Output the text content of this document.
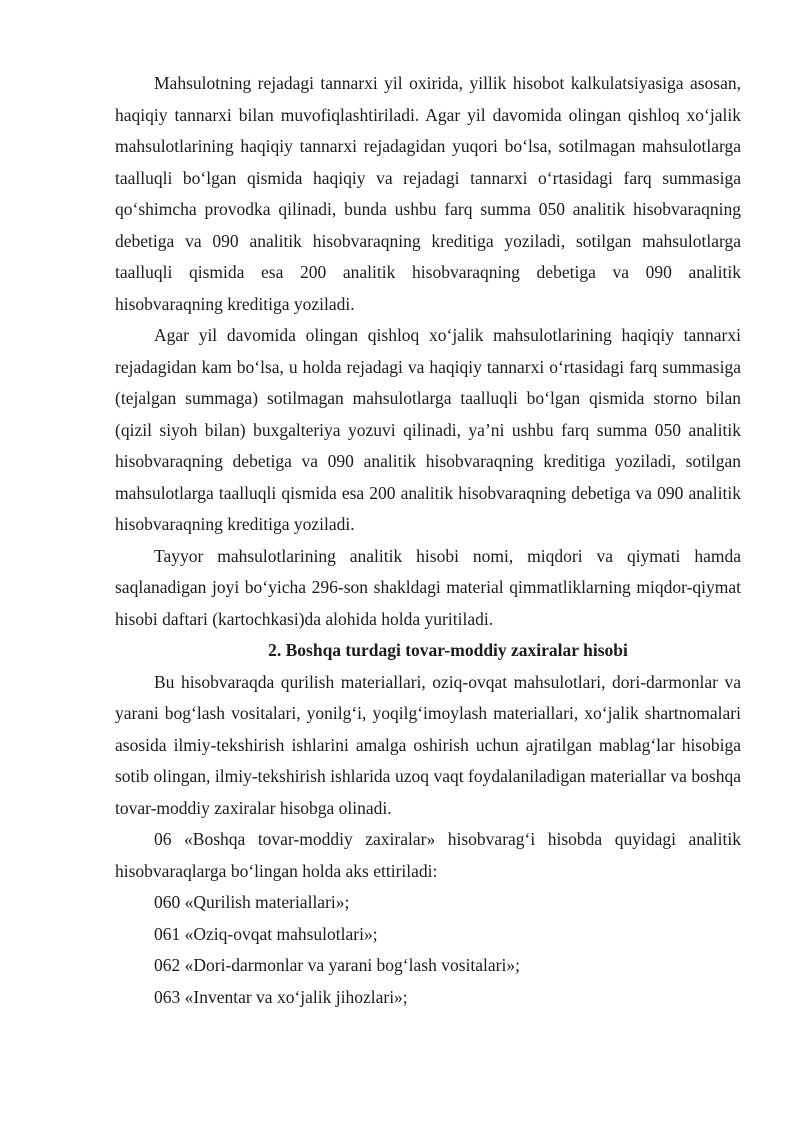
Mahsulotning rejadagi tannarxi yil oxirida, yillik hisobot kalkulatsiyasiga asosan, haqiqiy tannarxi bilan muvofiqlashtiriladi. Agar yil davomida olingan qishloq xo‘jalik mahsulotlarining haqiqiy tannarxi rejadagidan yuqori bo‘lsa, sotilmagan mahsulotlarga taalluqli bo‘lgan qismida haqiqiy va rejadagi tannarxi o‘rtasidagi farq summasiga qo‘shimcha provodka qilinadi, bunda ushbu farq summa 050 analitik hisobvaraqning debetiga va 090 analitik hisobvaraqning kreditiga yoziladi, sotilgan mahsulotlarga taalluqli qismida esa 200 analitik hisobvaraqning debetiga va 090 analitik hisobvaraqning kreditiga yoziladi.

Agar yil davomida olingan qishloq xo‘jalik mahsulotlarining haqiqiy tannarxi rejadagidan kam bo‘lsa, u holda rejadagi va haqiqiy tannarxi o‘rtasidagi farq summasiga (tejalgan summaga) sotilmagan mahsulotlarga taalluqli bo‘lgan qismida storno bilan (qizil siyoh bilan) buxgalteriya yozuvi qilinadi, ya’ni ushbu farq summa 050 analitik hisobvaraqning debetiga va 090 analitik hisobvaraqning kreditiga yoziladi, sotilgan mahsulotlarga taalluqli qismida esa 200 analitik hisobvaraqning debetiga va 090 analitik hisobvaraqning kreditiga yoziladi.

Tayyor mahsulotlarining analitik hisobi nomi, miqdori va qiymati hamda saqlanadigan joyi bo‘yicha 296-son shakldagi material qimmatliklarning miqdor-qiymat hisobi daftari (kartochkasi)da alohida holda yuritiladi.

2. Boshqa turdagi tovar-moddiy zaxiralar hisobi

Bu hisobvaraqda qurilish materiallari, oziq-ovqat mahsulotlari, dori-darmonlar va yarani bog‘lash vositalari, yonilg‘i, yoqilg‘imoylash materiallari, xo‘jalik shartnomalari asosida ilmiy-tekshirish ishlarini amalga oshirish uchun ajratilgan mablag‘lar hisobiga sotib olingan, ilmiy-tekshirish ishlarida uzoq vaqt foydalaniladigan materiallar va boshqa tovar-moddiy zaxiralar hisobga olinadi.

06 «Boshqa tovar-moddiy zaxiralar» hisobvarag‘i hisobda quyidagi analitik hisobvaraqlarga bo‘lingan holda aks ettiriladi:

060 «Qurilish materiallari»;

061 «Oziq-ovqat mahsulotlari»;

062 «Dori-darmonlar va yarani bog‘lash vositalari»;

063 «Inventar va xo‘jalik jihozlari»;
